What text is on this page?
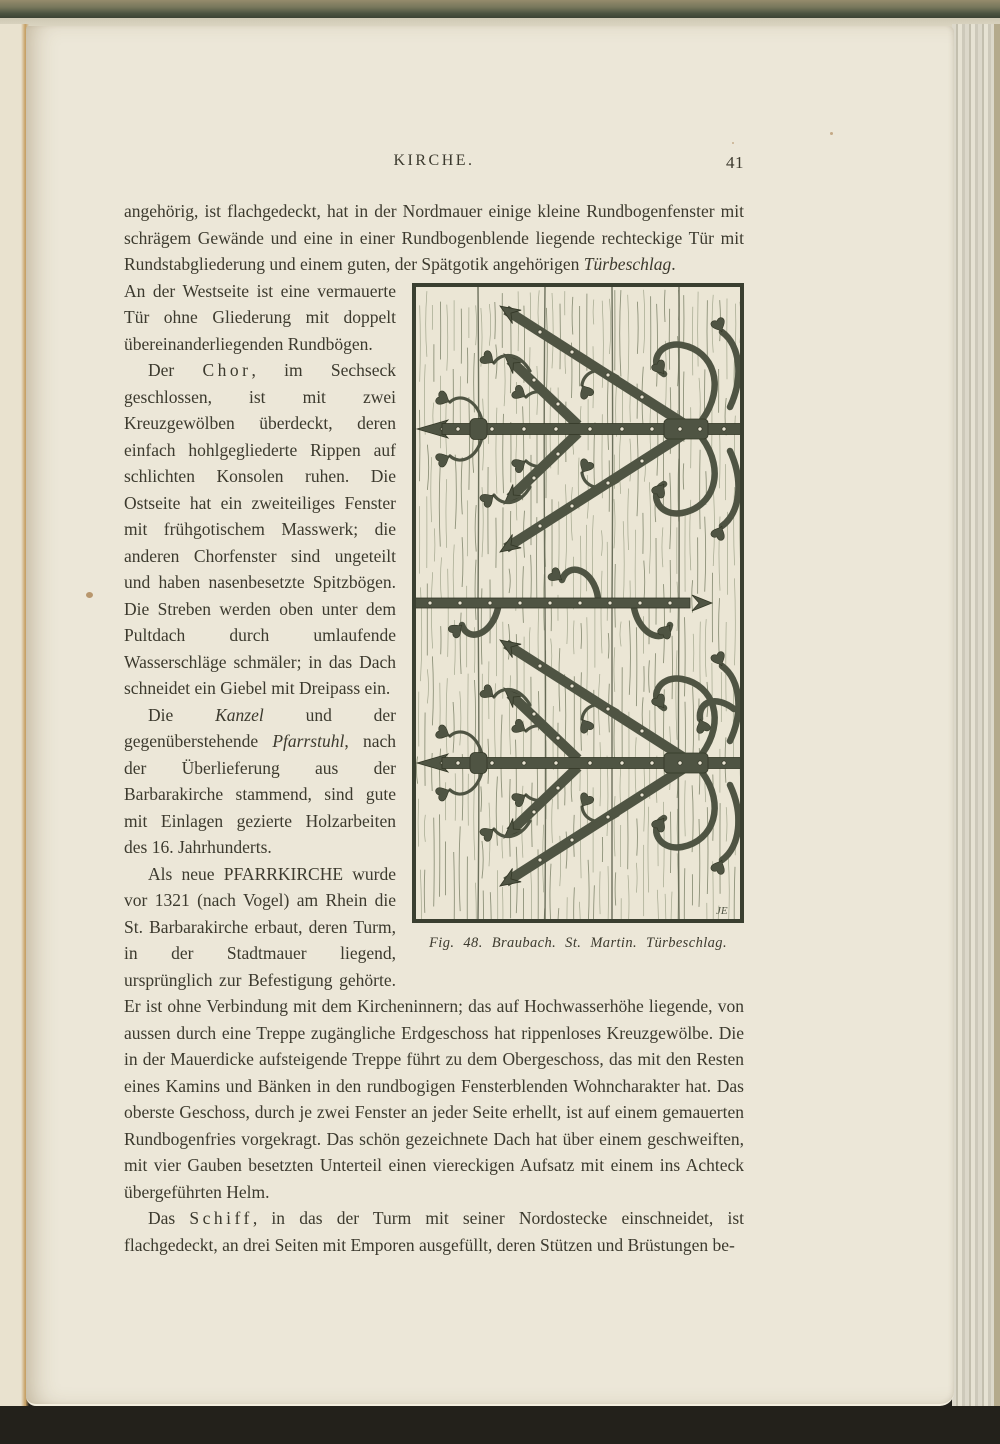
KIRCHE.	41

angehörig, ist flachgedeckt, hat in der Nordmauer einige kleine Rundbogenfenster mit schrägem Gewände und eine in einer Rundbogenblende liegende rechteckige Tür mit Rundstabgliederung und einem guten, der Spätgotik angehörigen Türbeschlag.

JE
Fig. 48. Braubach. St. Martin. Türbeschlag.

An der Westseite ist eine vermauerte Tür ohne Gliederung mit doppelt übereinanderliegenden Rundbögen.

Der Chor, im Sechseck geschlossen, ist mit zwei Kreuzgewölben überdeckt, deren einfach hohlgegliederte Rippen auf schlichten Konsolen ruhen. Die Ostseite hat ein zweiteiliges Fenster mit frühgotischem Masswerk; die anderen Chorfenster sind ungeteilt und haben nasenbesetzte Spitzbögen. Die Streben werden oben unter dem Pultdach durch umlaufende Wasserschläge schmäler; in das Dach schneidet ein Giebel mit Dreipass ein.

Die Kanzel und der gegenüberstehende Pfarrstuhl, nach der Überlieferung aus der Barbarakirche stammend, sind gute mit Einlagen gezierte Holzarbeiten des 16. Jahrhunderts.

Als neue PFARRKIRCHE wurde vor 1321 (nach Vogel) am Rhein die St. Barbarakirche erbaut, deren Turm, in der Stadtmauer liegend, ursprünglich zur Befestigung gehörte. Er ist ohne Verbindung mit dem Kircheninnern; das auf Hochwasserhöhe liegende, von aussen durch eine Treppe zugängliche Erdgeschoss hat rippenloses Kreuzgewölbe. Die in der Mauerdicke aufsteigende Treppe führt zu dem Obergeschoss, das mit den Resten eines Kamins und Bänken in den rundbogigen Fensterblenden Wohncharakter hat. Das oberste Geschoss, durch je zwei Fenster an jeder Seite erhellt, ist auf einem gemauerten Rundbogenfries vorgekragt. Das schön gezeichnete Dach hat über einem geschweiften, mit vier Gauben besetzten Unterteil einen viereckigen Aufsatz mit einem ins Achteck übergeführten Helm.

Das Schiff, in das der Turm mit seiner Nordostecke einschneidet, ist flachgedeckt, an drei Seiten mit Emporen ausgefüllt, deren Stützen und Brüstungen be-
